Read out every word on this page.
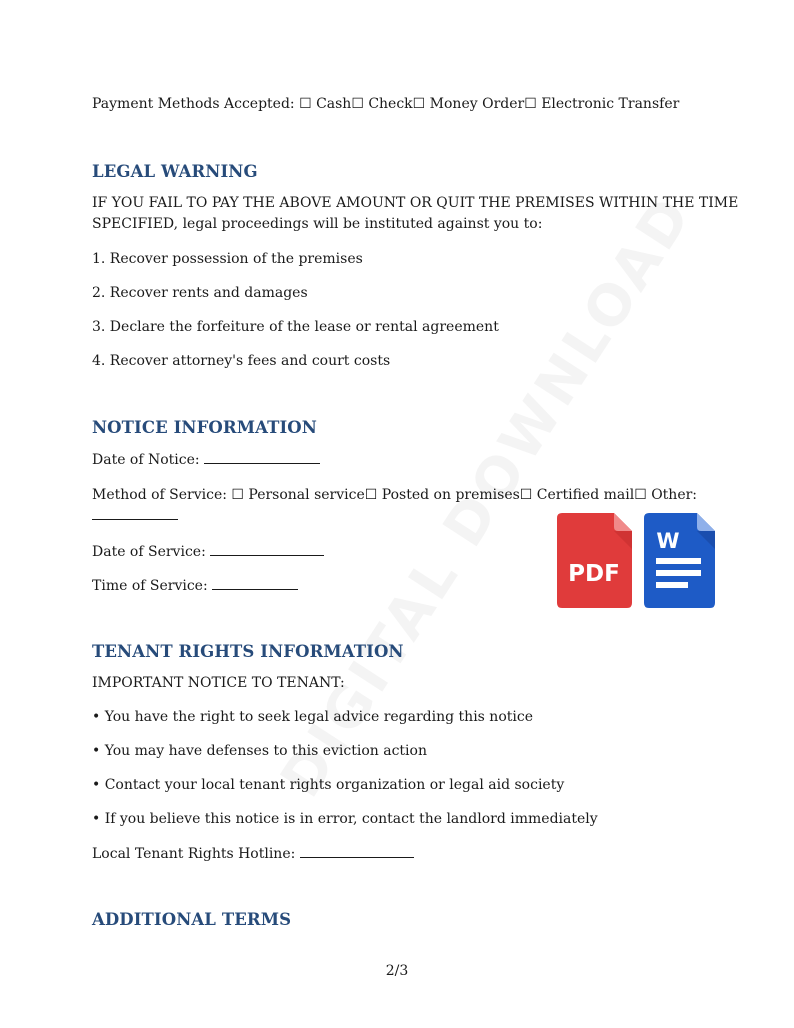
Payment Methods Accepted: ☐ Cash☐ Check☐ Money Order☐ Electronic Transfer
LEGAL WARNING
IF YOU FAIL TO PAY THE ABOVE AMOUNT OR QUIT THE PREMISES WITHIN THE TIME
SPECIFIED, legal proceedings will be instituted against you to:
1. Recover possession of the premises
2. Recover rents and damages
3. Declare the forfeiture of the lease or rental agreement
4. Recover attorney's fees and court costs
NOTICE INFORMATION
Date of Notice:
Method of Service: ☐ Personal service☐ Posted on premises☐ Certified mail☐ Other:
Date of Service:
Time of Service:
TENANT RIGHTS INFORMATION
IMPORTANT NOTICE TO TENANT:
• You have the right to seek legal advice regarding this notice
• You may have defenses to this eviction action
• Contact your local tenant rights organization or legal aid society
• If you believe this notice is in error, contact the landlord immediately
Local Tenant Rights Hotline:
ADDITIONAL TERMS
2/3
PDF
W
